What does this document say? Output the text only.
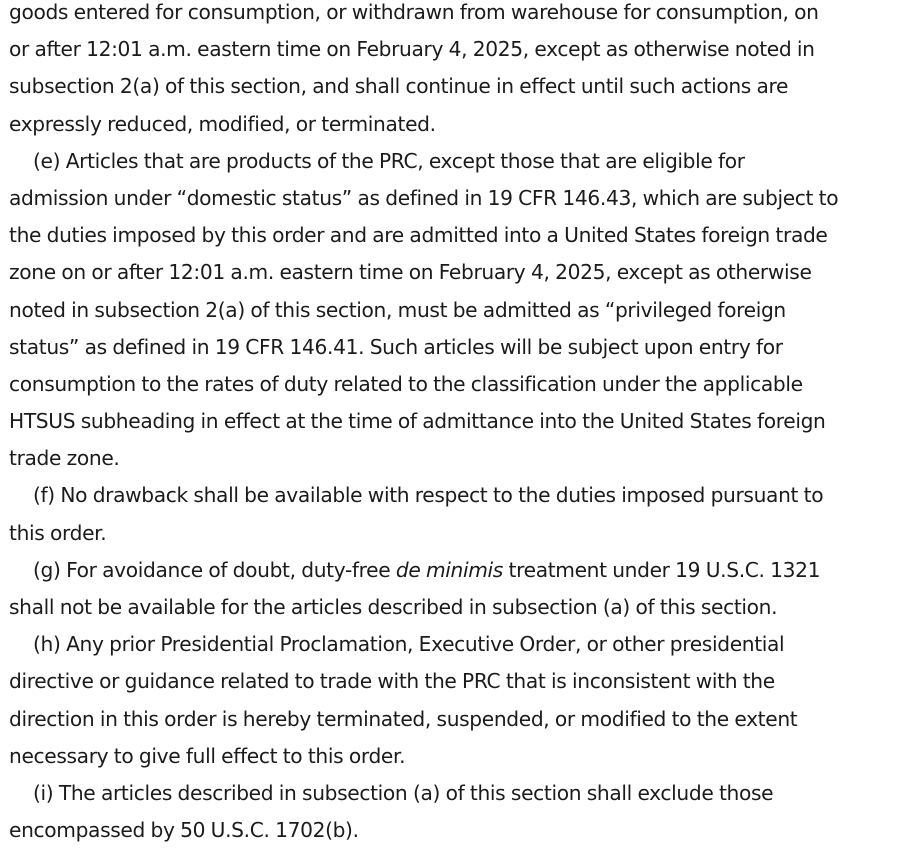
goods entered for consumption, or withdrawn from warehouse for consumption, on
or after 12:01 a.m. eastern time on February 4, 2025, except as otherwise noted in
subsection 2(a) of this section, and shall continue in effect until such actions are
expressly reduced, modified, or terminated.
(e) Articles that are products of the PRC, except those that are eligible for
admission under “domestic status” as defined in 19 CFR 146.43, which are subject to
the duties imposed by this order and are admitted into a United States foreign trade
zone on or after 12:01 a.m. eastern time on February 4, 2025, except as otherwise
noted in subsection 2(a) of this section, must be admitted as “privileged foreign
status” as defined in 19 CFR 146.41. Such articles will be subject upon entry for
consumption to the rates of duty related to the classification under the applicable
HTSUS subheading in effect at the time of admittance into the United States foreign
trade zone.
(f) No drawback shall be available with respect to the duties imposed pursuant to
this order.
(g) For avoidance of doubt, duty-free de minimis treatment under 19 U.S.C. 1321
shall not be available for the articles described in subsection (a) of this section.
(h) Any prior Presidential Proclamation, Executive Order, or other presidential
directive or guidance related to trade with the PRC that is inconsistent with the
direction in this order is hereby terminated, suspended, or modified to the extent
necessary to give full effect to this order.
(i) The articles described in subsection (a) of this section shall exclude those
encompassed by 50 U.S.C. 1702(b).
